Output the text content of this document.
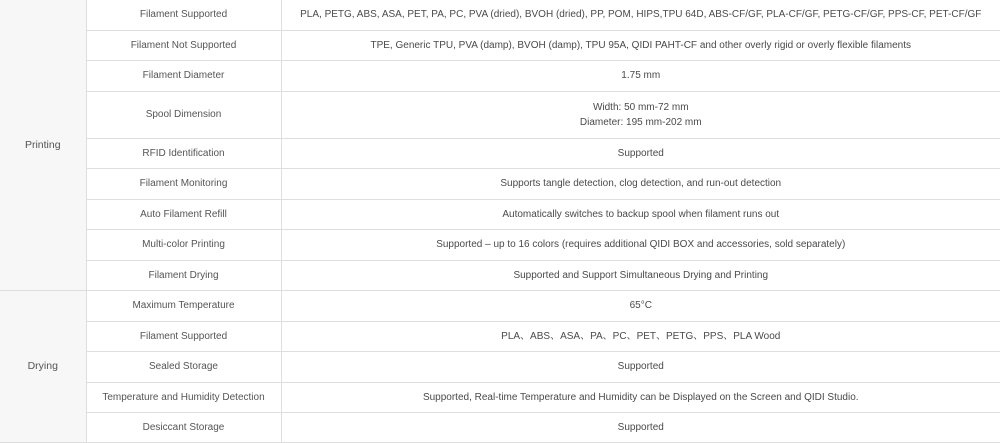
Printing	Filament Supported	PLA, PETG, ABS, ASA, PET, PA, PC, PVA (dried), BVOH (dried), PP, POM, HIPS,TPU 64D, ABS-CF/GF, PLA-CF/GF, PETG-CF/GF, PPS-CF, PET-CF/GF

	Filament Not Supported	TPE, Generic TPU, PVA (damp), BVOH (damp), TPU 95A, QIDI PAHT-CF and other overly rigid or overly flexible filaments

	Filament Diameter	1.75 mm

	Spool Dimension	Width: 50 mm-72 mm
Diameter: 195 mm-202 mm

	RFID Identification	Supported

	Filament Monitoring	Supports tangle detection, clog detection, and run-out detection

	Auto Filament Refill	Automatically switches to backup spool when filament runs out

	Multi-color Printing	Supported – up to 16 colors (requires additional QIDI BOX and accessories, sold separately)

	Filament Drying	Supported and Support Simultaneous Drying and Printing

Drying	Maximum Temperature	65°C

	Filament Supported	PLA、ABS、ASA、PA、PC、PET、PETG、PPS、PLA Wood

	Sealed Storage	Supported

	Temperature and Humidity Detection	Supported, Real-time Temperature and Humidity can be Displayed on the Screen and QIDI Studio.

	Desiccant Storage	Supported
